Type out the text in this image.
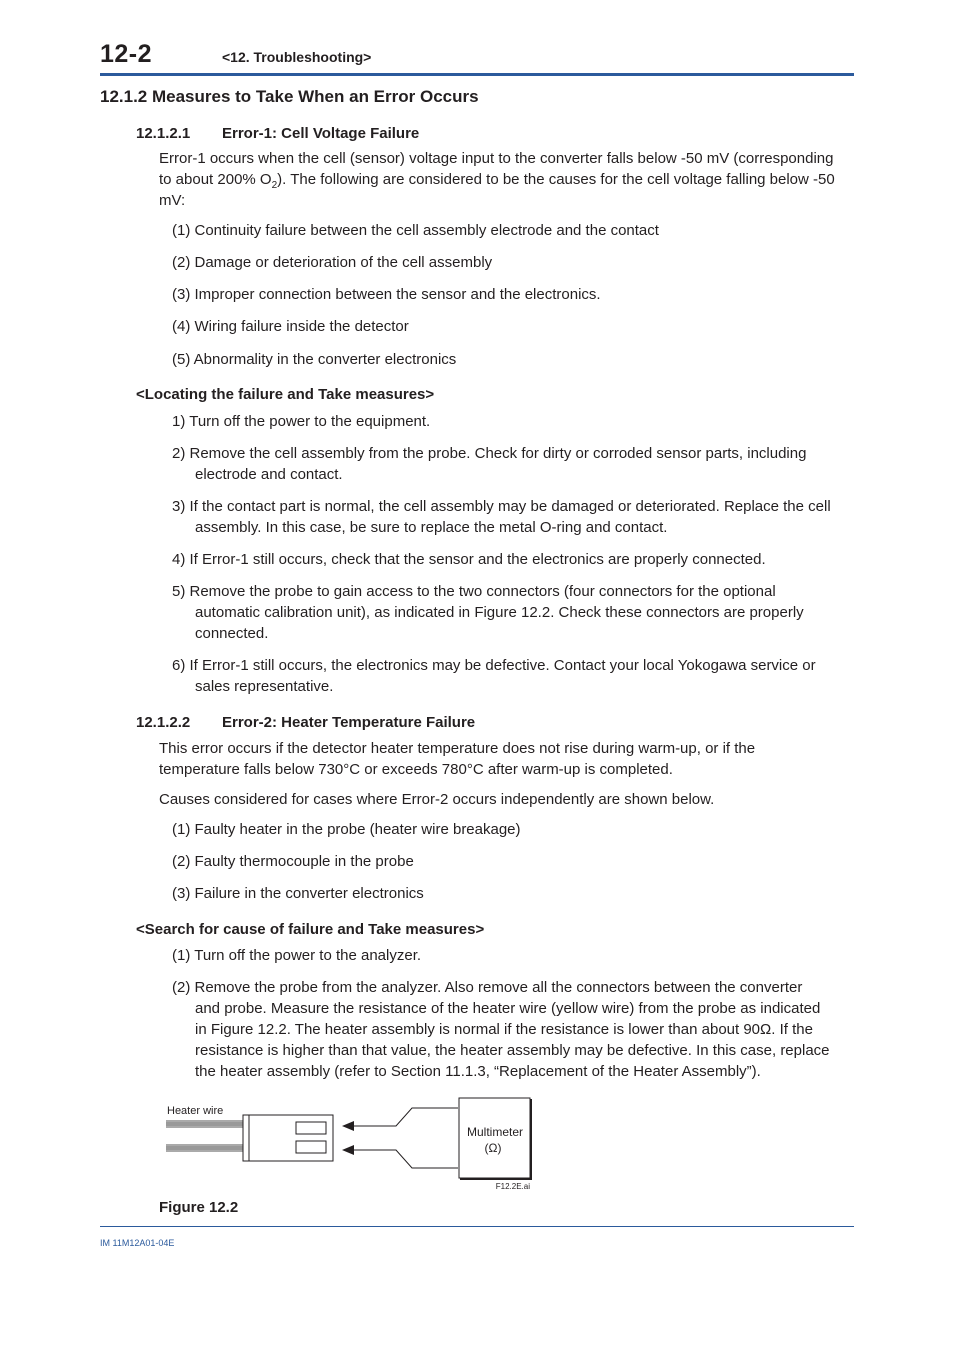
12-2	<12. Troubleshooting>
12.1.2 Measures to Take When an Error Occurs
12.1.2.1 Error-1: Cell Voltage Failure
Error-1 occurs when the cell (sensor) voltage input to the converter falls below -50 mV (corresponding
to about 200% $O_2$). The following are considered to be the causes for the cell voltage falling below -50
mV:
(1) Continuity failure between the cell assembly electrode and the contact
(2) Damage or deterioration of the cell assembly
(3) Improper connection between the sensor and the electronics.
(4) Wiring failure inside the detector
(5) Abnormality in the converter electronics
<Locating the failure and Take measures>
1) Turn off the power to the equipment.
2) Remove the cell assembly from the probe. Check for dirty or corroded sensor parts, including
electrode and contact.
3) If the contact part is normal, the cell assembly may be damaged or deteriorated. Replace the cell
assembly. In this case, be sure to replace the metal O-ring and contact.
4) If Error-1 still occurs, check that the sensor and the electronics are properly connected.
5) Remove the probe to gain access to the two connectors (four connectors for the optional
automatic calibration unit), as indicated in Figure 12.2. Check these connectors are properly
connected.
6) If Error-1 still occurs, the electronics may be defective. Contact your local Yokogawa service or
sales representative.
12.1.2.2 Error-2: Heater Temperature Failure
This error occurs if the detector heater temperature does not rise during warm-up, or if the
temperature falls below 730°C or exceeds 780°C after warm-up is completed.
Causes considered for cases where Error-2 occurs independently are shown below.
(1) Faulty heater in the probe (heater wire breakage)
(2) Faulty thermocouple in the probe
(3) Failure in the converter electronics
<Search for cause of failure and Take measures>
(1) Turn off the power to the analyzer.
(2) Remove the probe from the analyzer. Also remove all the connectors between the converter
and probe. Measure the resistance of the heater wire (yellow wire) from the probe as indicated
in Figure 12.2. The heater assembly is normal if the resistance is lower than about 90Ω. If the
resistance is higher than that value, the heater assembly may be defective. In this case, replace
the heater assembly (refer to Section 11.1.3, “Replacement of the Heater Assembly”).
Heater wire
Multimeter
(Ω)
F12.2E.ai
Figure 12.2
IM 11M12A01-04E
